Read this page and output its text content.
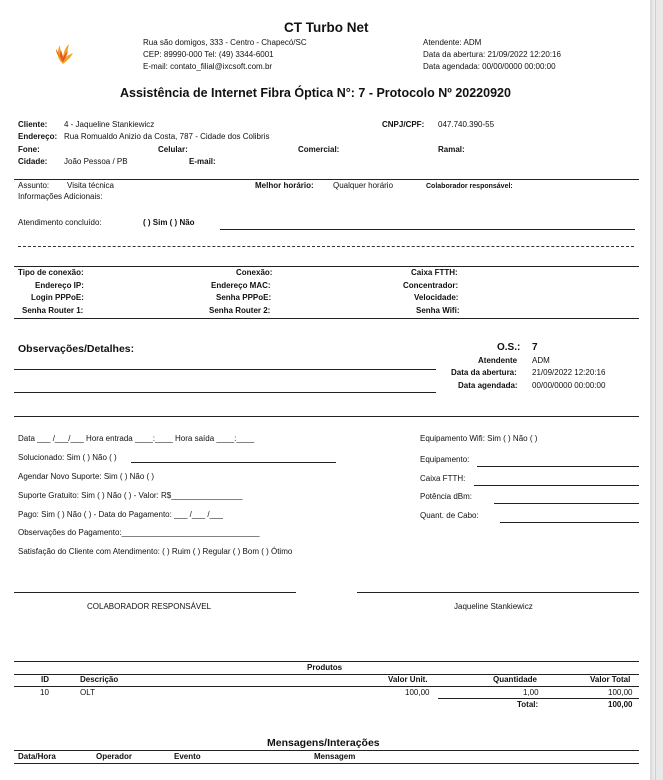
CT Turbo Net
Rua são domigos, 333 - Centro - Chapecó/SC
CEP: 89990-000 Tel: (49) 3344-6001
E-mail: contato_filial@ixcsoft.com.br
Atendente: ADM
Data da abertura: 21/09/2022 12:20:16
Data agendada: 00/00/0000 00:00:00
Assistência de Internet Fibra Óptica N°: 7 - Protocolo Nº 20220920
Cliente: 4 - Jaqueline Stankiewicz	CNPJ/CPF: 047.740.390-55
Endereço: Rua Romualdo Anizio da Costa, 787 - Cidade dos Colibris
Fone:	Celular:	Comercial:	Ramal:
Cidade: João Pessoa / PB	E-mail:
Assunto: Visita técnica	Melhor horário: Qualquer horário	Colaborador responsável:
Informações Adicionais:
Atendimento concluído:	( ) Sim ( ) Não
Tipo de conexão:	Conexão:	Caixa FTTH:
Endereço IP:	Endereço MAC:	Concentrador:
Login PPPoE:	Senha PPPoE:	Velocidade:
Senha Router 1:	Senha Router 2:	Senha Wifi:
Observações/Detalhes:	O.S.: 7
Atendente ADM
Data da abertura: 21/09/2022 12:20:16
Data agendada: 00/00/0000 00:00:00
Data ___ /___/___ Hora entrada ____:____ Hora saída ____:____
Solucionado: Sim ( ) Não ( )
Agendar Novo Suporte: Sim ( ) Não ( )
Suporte Gratuito: Sim ( ) Não ( ) - Valor: R$________________
Pago: Sim ( ) Não ( ) - Data do Pagamento: ___ /___ /___
Observações do Pagamento:_______________________________
Satisfação do Cliente com Atendimento: ( ) Ruim ( ) Regular ( ) Bom ( ) Ótimo
Equipamento Wifi: Sim ( ) Não ( )
Equipamento:
Caixa FTTH:
Potência dBm:
Quant. de Cabo:
COLABORADOR RESPONSÁVEL	Jaqueline Stankiewicz
Produtos
ID	Descrição	Valor Unit.	Quantidade	Valor Total
10	OLT	100,00	1,00	100,00
Total:	100,00
Mensagens/Interações
Data/Hora	Operador	Evento	Mensagem
